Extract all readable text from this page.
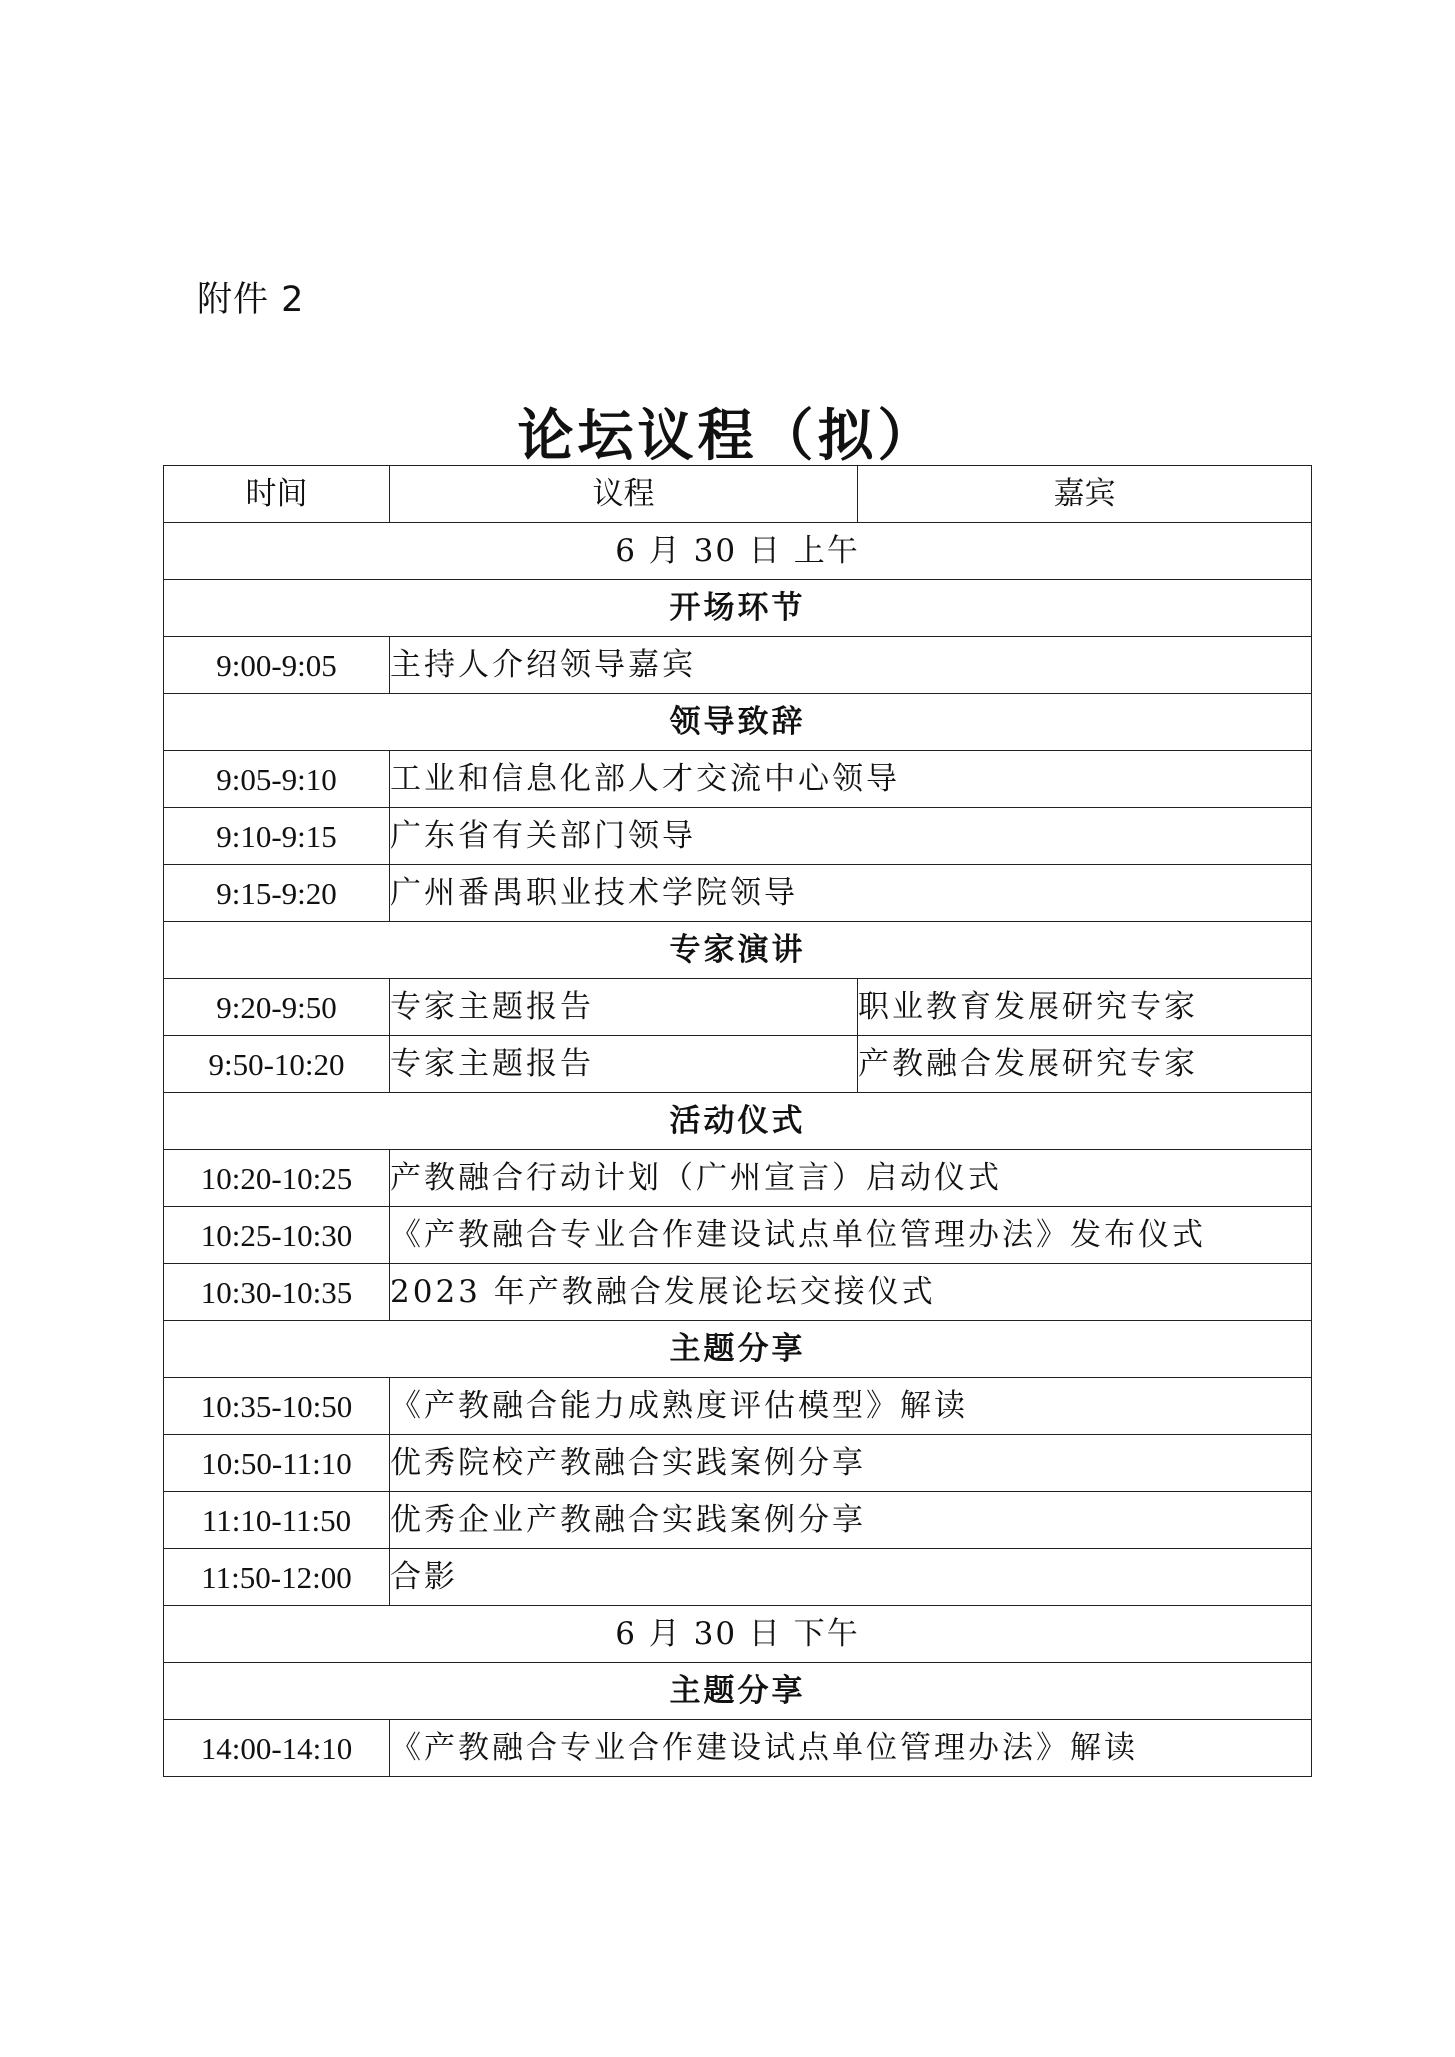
附件 2
论坛议程（拟）
时间	议程	嘉宾
6 月 30 日 上午		
开场环节		
9:00-9:05	主持人介绍领导嘉宾	
领导致辞		
9:05-9:10	工业和信息化部人才交流中心领导	
9:10-9:15	广东省有关部门领导	
9:15-9:20	广州番禺职业技术学院领导	
专家演讲		
9:20-9:50	专家主题报告	职业教育发展研究专家
9:50-10:20	专家主题报告	产教融合发展研究专家
活动仪式		
10:20-10:25	产教融合行动计划（广州宣言）启动仪式	
10:25-10:30	《产教融合专业合作建设试点单位管理办法》发布仪式	
10:30-10:35	2023 年产教融合发展论坛交接仪式	
主题分享		
10:35-10:50	《产教融合能力成熟度评估模型》解读	
10:50-11:10	优秀院校产教融合实践案例分享	
11:10-11:50	优秀企业产教融合实践案例分享	
11:50-12:00	合影	
6 月 30 日 下午		
主题分享		
14:00-14:10	《产教融合专业合作建设试点单位管理办法》解读	
